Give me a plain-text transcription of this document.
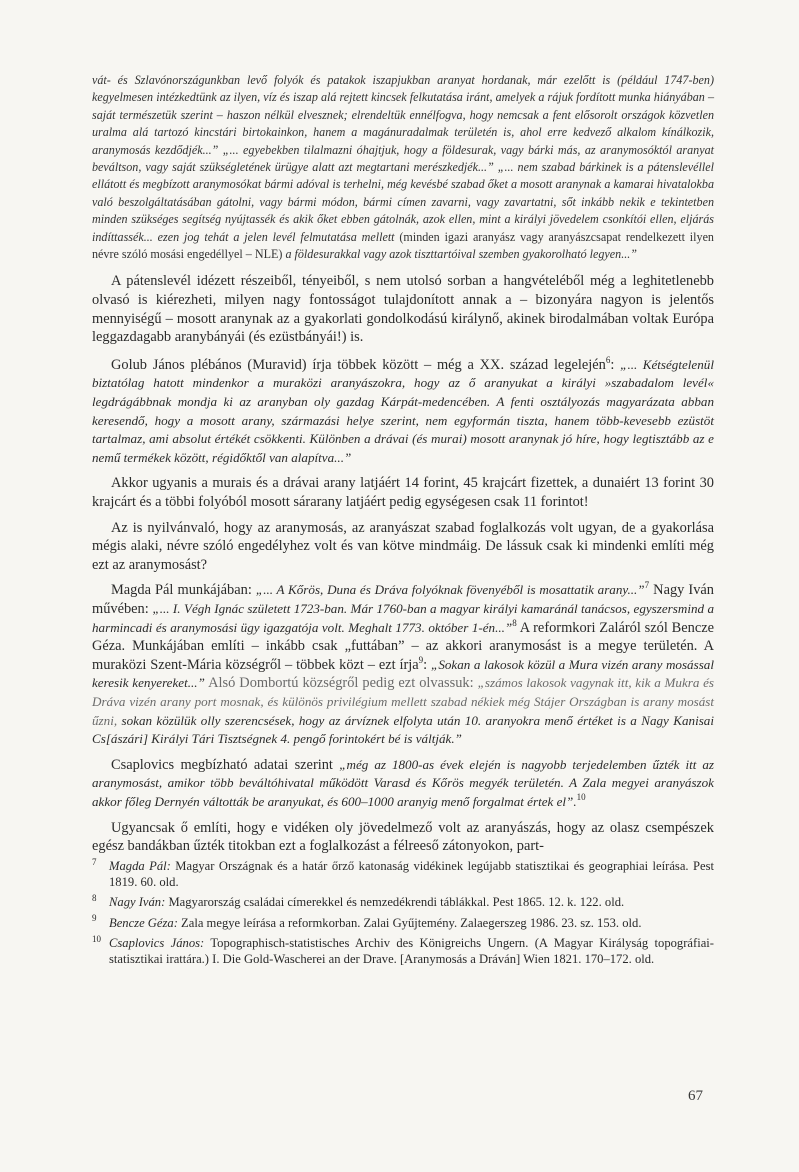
vát- és Szlavónországunkban levő folyók és patakok iszapjukban aranyat hordanak, már ezelőtt is (például 1747-ben) kegyelmesen intézkedtünk az ilyen, víz és iszap alá rejtett kincsek felkutatása iránt, amelyek a rájuk fordított munka hiányában – saját természetük szerint – haszon nélkül elvesznek; elrendeltük ennélfogva, hogy nemcsak a fent elősorolt országok közvetlen uralma alá tartozó kincstári birtokainkon, hanem a magánuradalmak területén is, ahol erre kedvező alkalom kínálkozik, aranymosás kezdődjék...” „... egyebekben tilalmazni óhajtjuk, hogy a földesurak, vagy bárki más, az aranymosóktól aranyat beváltson, vagy saját szükségletének ürügye alatt azt megtartani merészkedjék...” „... nem szabad bárkinek is a pátenslevéllel ellátott és megbízott aranymosókat bármi adóval is terhelni, még kevésbé szabad őket a mosott aranynak a kamarai hivatalokba való beszolgáltatásában gátolni, vagy bármi módon, bármi címen zavarni, vagy zavartatni, sőt inkább nekik e tekintetben minden szükséges segítség nyújtassék és akik őket ebben gátolnák, azok ellen, mint a királyi jövedelem csonkítói ellen, eljárás indíttassék... ezen jog tehát a jelen levél felmutatása mellett (minden igazi aranyász vagy aranyászcsapat rendelkezett ilyen névre szóló mosási engedéllyel – NLE) a földesurakkal vagy azok tiszttartóival szemben gyakorolható legyen...”

A pátenslevél idézett részeiből, tényeiből, s nem utolsó sorban a hangvételéből még a leghitetlenebb olvasó is kiérezheti, milyen nagy fontosságot tulajdonított annak a – bizonyára nagyon is jelentős mennyiségű – mosott aranynak az a gyakorlati gondolkodású királynő, akinek birodalmában voltak Európa leggazdagabb aranybányái (és ezüstbányái!) is.

Golub János plébános (Muravid) írja többek között – még a XX. század legelején$^6$: „... Kétségtelenül biztatólag hatott mindenkor a muraközi aranyászokra, hogy az ő aranyukat a királyi »szabadalom levél« legdrágábbnak mondja ki az aranyban oly gazdag Kárpát-medencében. A fenti osztályozás magyarázata abban keresendő, hogy a mosott arany, származási helye szerint, nem egyformán tiszta, hanem több-kevesebb ezüstöt tartalmaz, ami absolut értékét csökkenti. Különben a drávai (és murai) mosott aranynak jó híre, hogy legtisztább az e nemű termékek között, régidőktől van alapítva...”

Akkor ugyanis a murais és a drávai arany latjáért 14 forint, 45 krajcárt fizettek, a dunaiért 13 forint 30 krajcárt és a többi folyóból mosott sáraranу latjáért pedig egységesen csak 11 forintot!

Az is nyilvánvaló, hogy az aranymosás, az aranyászat szabad foglalkozás volt ugyan, de a gyakorlása mégis alaki, névre szóló engedélyhez volt és van kötve mindmáig. De lássuk csak ki mindenki említi még ezt az aranymosást?

Magda Pál munkájában: „... A Kőrös, Duna és Dráva folyóknak fövenyéből is mosattatik arany...”$^7$ Nagy Iván művében: „... I. Végh Ignác született 1723-ban. Már 1760-ban a magyar királyi kamaránál tanácsos, egyszersmind a harmincadi és aranymosási ügy igazgatója volt. Meghalt 1773. október 1-én...”$^8$ A reformkori Zaláról szól Bencze Géza. Munkájában említi – inkább csak „futtában” – az akkori aranymosást is a megye területén. A muraközi Szent-Mária községről – többek közt – ezt írja$^9$: „Sokan a lakosok közül a Mura vizén arany mosással keresik kenyereket...” Alsó Dombortú községről pedig ezt olvassuk: „számos lakosok vagynak itt, kik a Mukra és Dráva vizén arany port mosnak, és különös privilégium mellett szabad nékiek még Stájer Országban is arany mosást űzni, sokan közülük olly szerencsések, hogy az árvíznek elfolyta után 10. aranyokra menő értéket is a Nagy Kanisai Cs[ászári] Királyi Tári Tisztségnek 4. pengő forintokért bé is váltják.”

Csaplovics megbízható adatai szerint „még az 1800-as évek elején is nagyobb terjedelemben űzték itt az aranymosást, amikor több beváltóhivatal működött Varasd és Kőrös megyék területén. A Zala megyei aranyászok akkor főleg Dernyén váltották be aranyukat, és 600–1000 aranyig menő forgalmat értek el”.$^{10}$

Ugyancsak ő említi, hogy e vidéken oly jövedelmező volt az aranyászás, hogy az olasz csempészek egész bandákban űzték titokban ezt a foglalkozást a félreeső zátonyokon, part-

7 Magda Pál: Magyar Országnak és a határ őrző katonaság vidékinek legújabb statisztikai és geographiai leírása. Pest 1819. 60. old.

8 Nagy Iván: Magyarország családai címerekkel és nemzedékrendi táblákkal. Pest 1865. 12. k. 122. old.

9 Bencze Géza: Zala megye leírása a reformkorban. Zalai Gyűjtemény. Zalaegerszeg 1986. 23. sz. 153. old.

10 Csaplovics János: Topographisch-statistisches Archiv des Königreichs Ungern. (A Magyar Királyság topográfiai-statisztikai irattára.) I. Die Gold-Wascherei an der Drave. [Aranymosás a Dráván] Wien 1821. 170–172. old.

67
